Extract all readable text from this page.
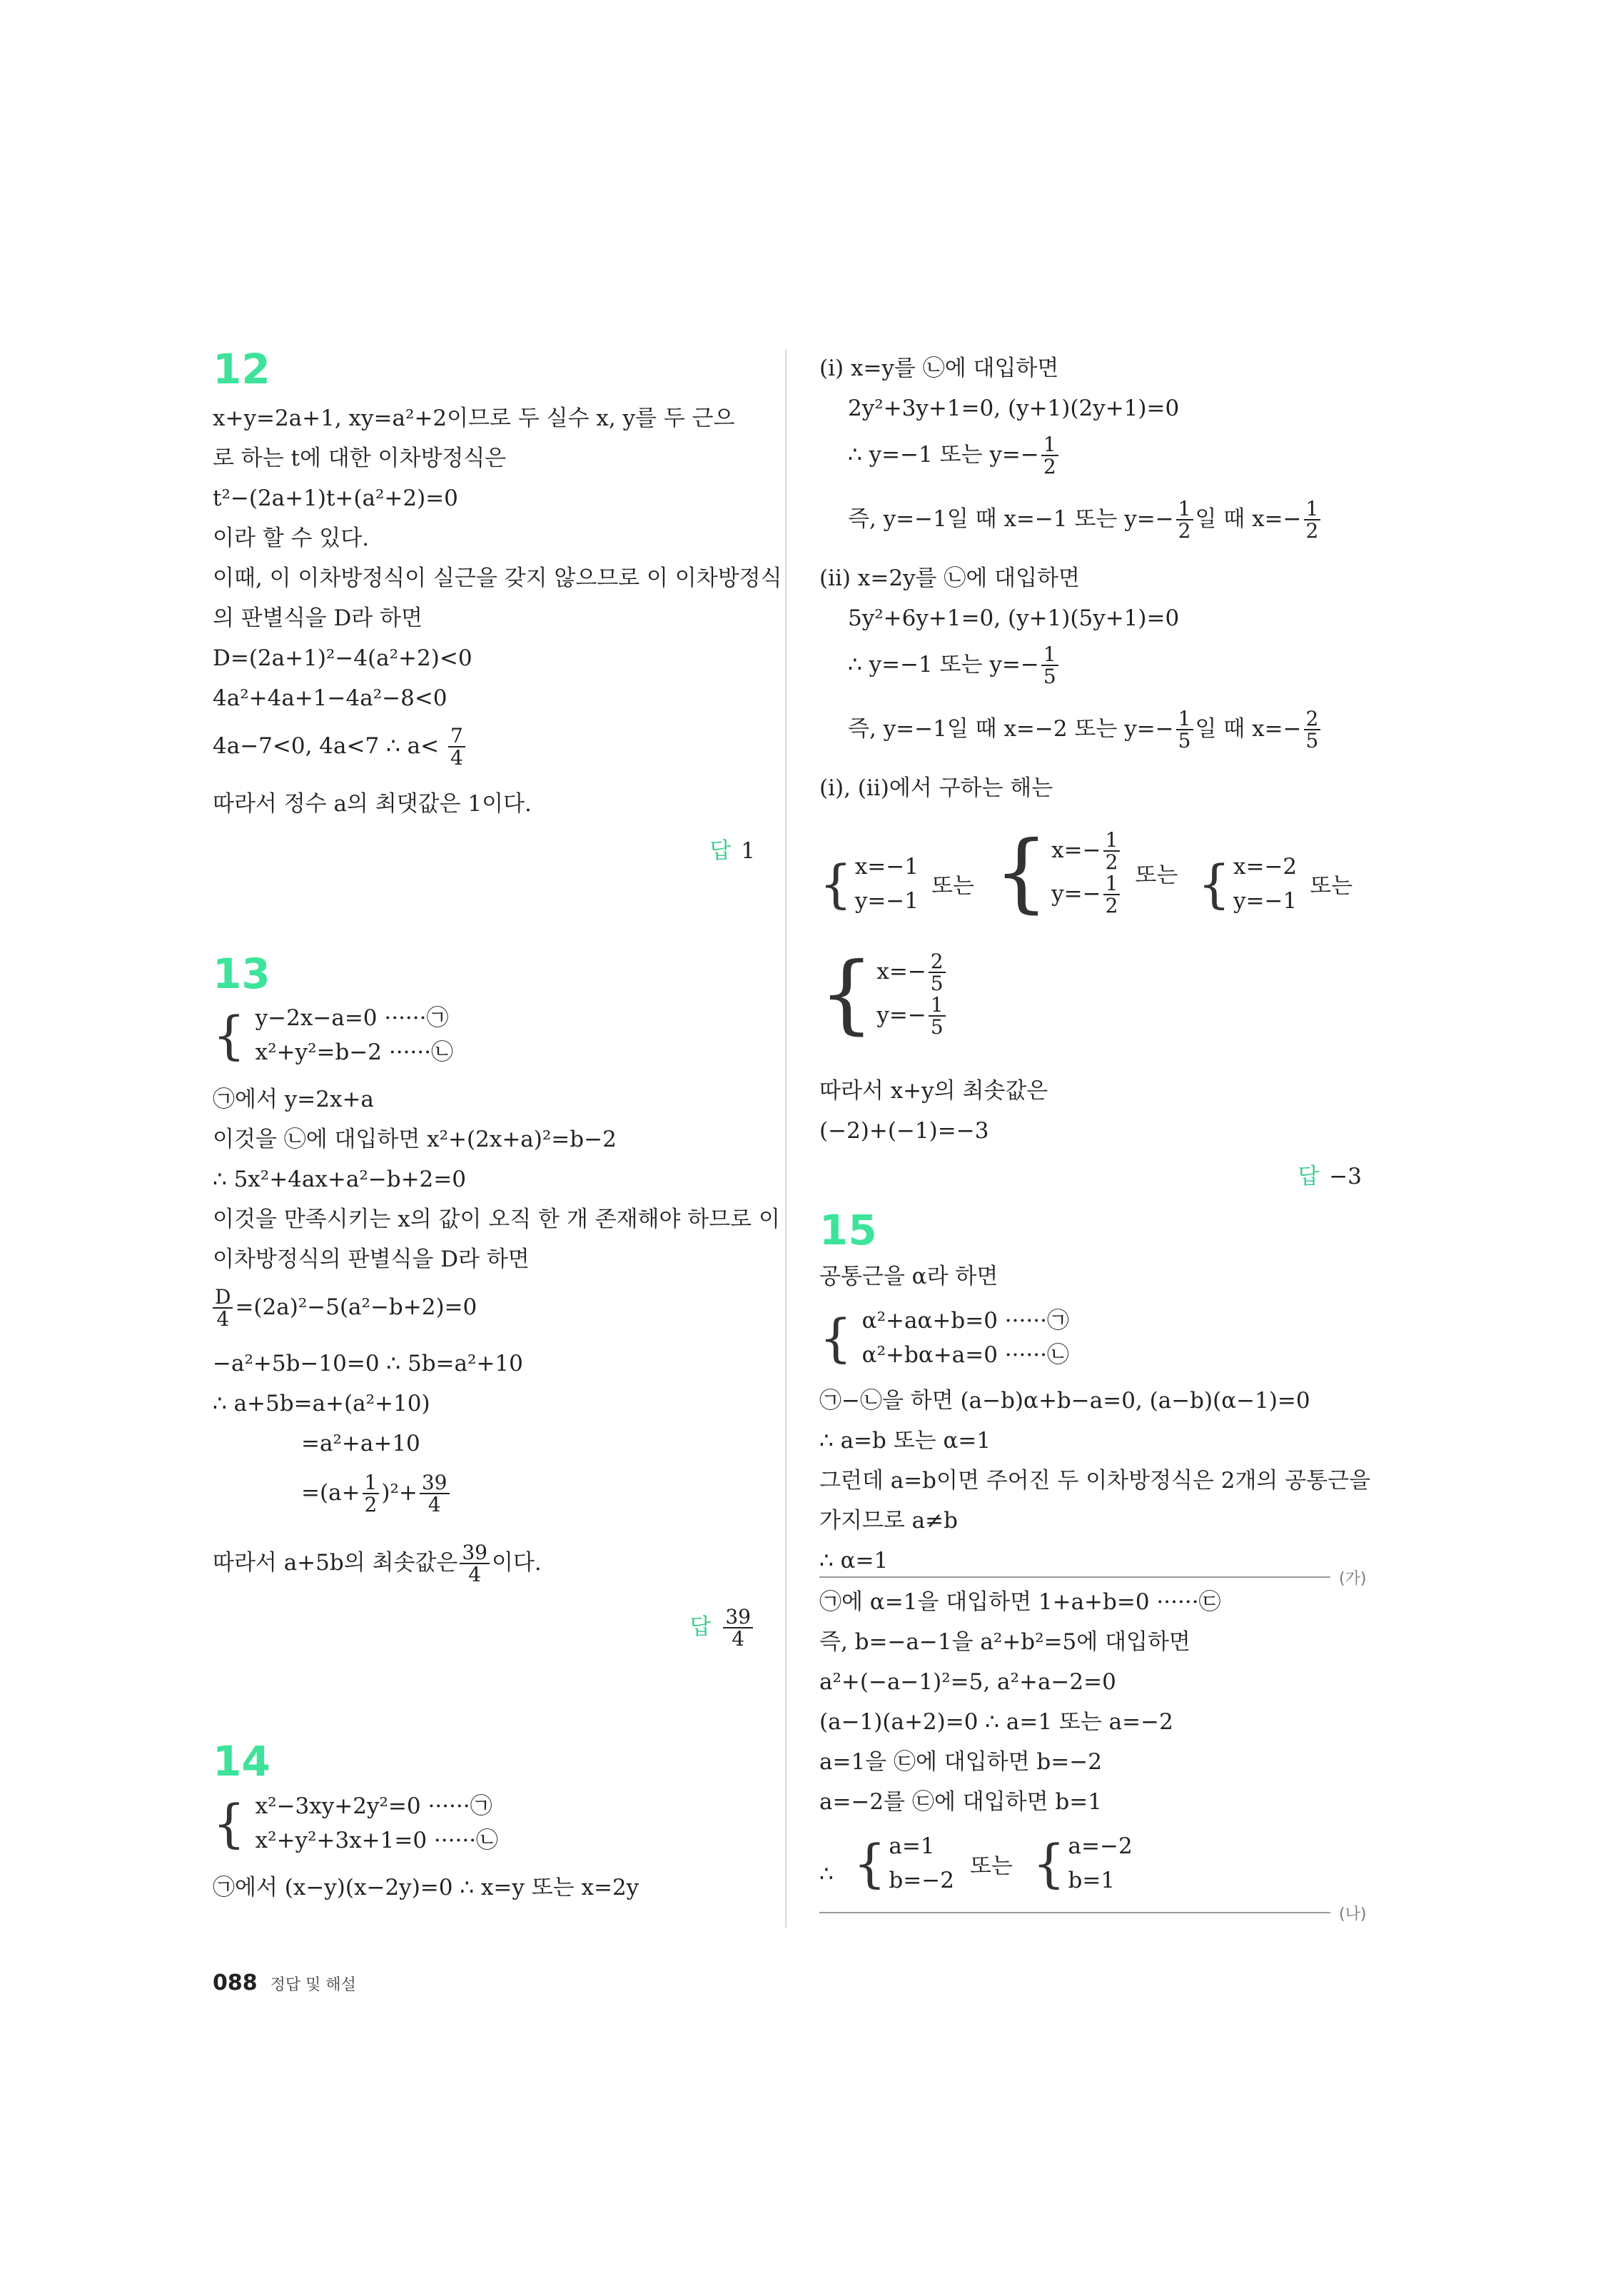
12
x+y=2a+1, xy=a²+2이므로 두 실수 x, y를 두 근으
로 하는 t에 대한 이차방정식은
t²−(2a+1)t+(a²+2)=0
이라 할 수 있다.
이때, 이 이차방정식이 실근을 갖지 않으므로 이 이차방정식
의 판별식을 D라 하면
D=(2a+1)²−4(a²+2)<0
4a²+4a+1−4a²−8<0
4a−7<0, 4a<7 ∴ $a< \frac{7}{4}$
따라서 정수 a의 최댓값은 1이다.
답 1
13
{ y−2x−a=0 ······㉠
x²+y²=b−2 ······㉡
㉠에서 y=2x+a
이것을 ㉡에 대입하면 x²+(2x+a)²=b−2
∴ 5x²+4ax+a²−b+2=0
이것을 만족시키는 x의 값이 오직 한 개 존재해야 하므로 이
이차방정식의 판별식을 D라 하면
$\frac{D}{4} =(2a)^2-5(a^2-b+2)=0$
−a²+5b−10=0 ∴ 5b=a²+10
∴ a+5b=a+(a²+10)
=a²+a+10
$=(a+ \frac{1}{2} )^2+ \frac{39}{4}$
따라서 a+5b의 최솟값은 $\frac{39}{4}$ 이다.
답 $\frac{39}{4}$
14
{ x²−3xy+2y²=0 ······㉠
x²+y²+3x+1=0 ······㉡
㉠에서 (x−y)(x−2y)=0 ∴ x=y 또는 x=2y
(ⅰ) x=y를 ㉡에 대입하면
2y²+3y+1=0, (y+1)(2y+1)=0
∴ y=−1 또는 $y=- \frac{1}{2}$
즉, y=−1일 때 x=−1 또는 $y=- \frac{1}{2}$ 일 때 $x=- \frac{1}{2}$
(ⅱ) x=2y를 ㉡에 대입하면
5y²+6y+1=0, (y+1)(5y+1)=0
∴ y=−1 또는 $y=- \frac{1}{5}$
즉, y=−1일 때 x=−2 또는 $y=- \frac{1}{5}$ 일 때 $x=- \frac{2}{5}$
(ⅰ), (ⅱ)에서 구하는 해는
{ x=−1
y=−1
또는
{ $x=- \frac{1}{2}$

$y=- \frac{1}{2}$ 또는
{ x=−2
y=−1
또는
{ $x=- \frac{2}{5}$

$y=- \frac{1}{5}$
따라서 x+y의 최솟값은
(−2)+(−1)=−3
답 −3
15
공통근을 α라 하면
{ α²+aα+b=0 ······㉠
α²+bα+a=0 ······㉡
㉠−㉡을 하면 (a−b)α+b−a=0, (a−b)(α−1)=0
∴ a=b 또는 α=1
그런데 a=b이면 주어진 두 이차방정식은 2개의 공통근을
가지므로 a≠b
∴ α=1
(가)
㉠에 α=1을 대입하면 1+a+b=0 ······㉢
즉, b=−a−1을 a²+b²=5에 대입하면
a²+(−a−1)²=5, a²+a−2=0
(a−1)(a+2)=0 ∴ a=1 또는 a=−2
a=1을 ㉢에 대입하면 b=−2
a=−2를 ㉢에 대입하면 b=1
∴
{ a=1
b=−2
또는
{ a=−2
b=1
(나)
088 정답 및 해설
